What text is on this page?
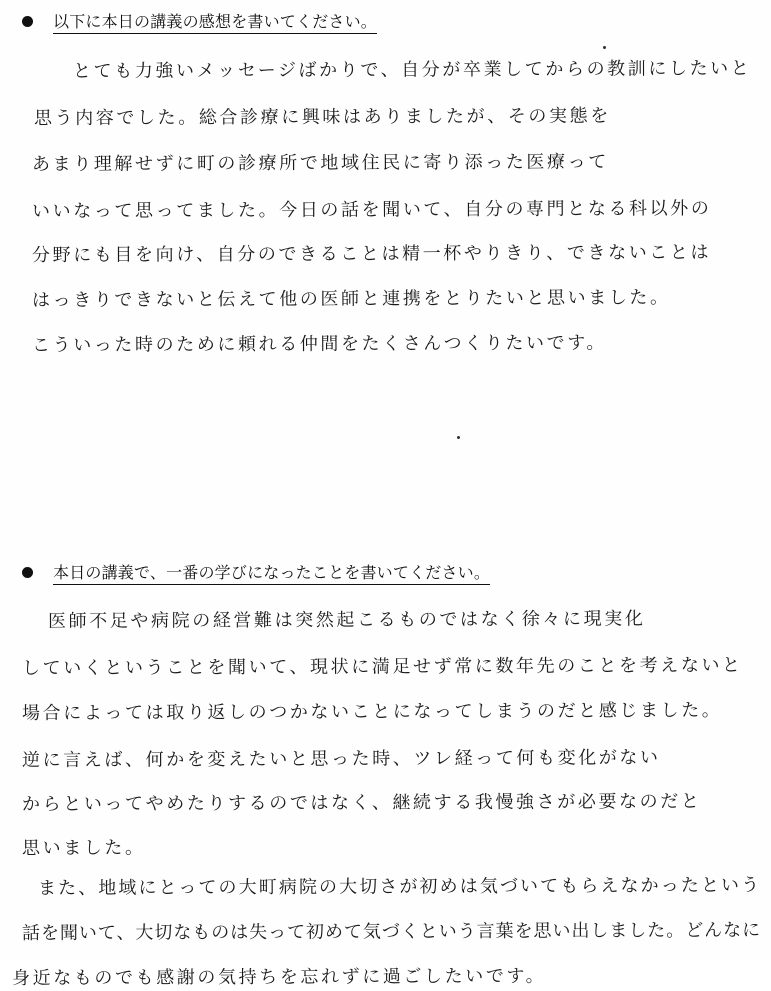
以下に本日の講義の感想を書いてください。
とても力強いメッセージばかりで、自分が卒業してからの教訓にしたいと
思う内容でした。総合診療に興味はありましたが、その実態を
あまり理解せずに町の診療所で地域住民に寄り添った医療って
いいなって思ってました。今日の話を聞いて、自分の専門となる科以外の
分野にも目を向け、自分のできることは精一杯やりきり、できないことは
はっきりできないと伝えて他の医師と連携をとりたいと思いました。
こういった時のために頼れる仲間をたくさんつくりたいです。
本日の講義で、一番の学びになったことを書いてください。
医師不足や病院の経営難は突然起こるものではなく徐々に現実化
していくということを聞いて、現状に満足せず常に数年先のことを考えないと
場合によっては取り返しのつかないことになってしまうのだと感じました。
逆に言えば、何かを変えたいと思った時、ツレ経って何も変化がない
からといってやめたりするのではなく、継続する我慢強さが必要なのだと
思いました。
また、地域にとっての大町病院の大切さが初めは気づいてもらえなかったという
話を聞いて、大切なものは失って初めて気づくという言葉を思い出しました。どんなに
身近なものでも感謝の気持ちを忘れずに過ごしたいです。
